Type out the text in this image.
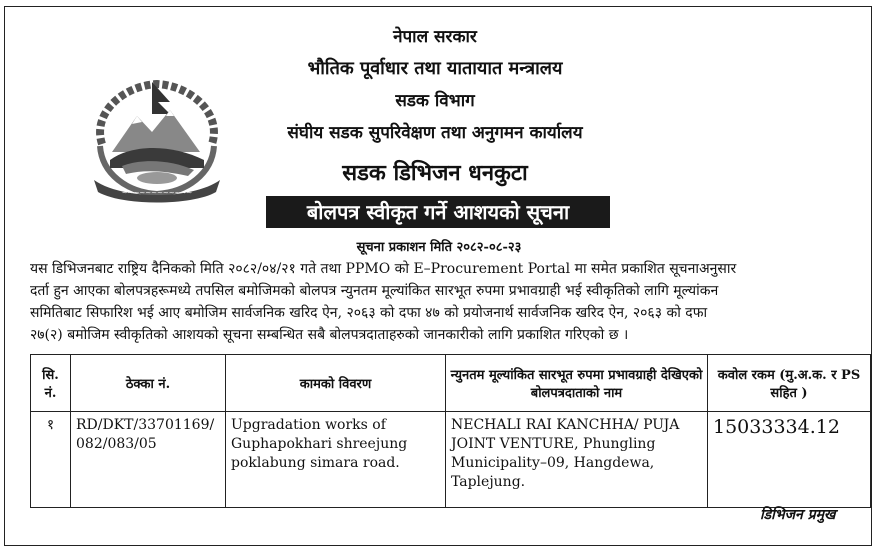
~~~~~~~~~~~~
नेपाल सरकार
भौतिक पूर्वाधार तथा यातायात मन्त्रालय
सडक विभाग
संघीय सडक सुपरिवेक्षण तथा अनुगमन कार्यालय
सडक डिभिजन धनकुटा
बोलपत्र स्वीकृत गर्ने आशयको सूचना
सूचना प्रकाशन मिति २०८२-०८-२३

यस डिभिजनबाट राष्ट्रिय दैनिकको मिति २०८२/०४/२१ गते तथा PPMO को E–Procurement Portal मा समेत प्रकाशित सूचनाअनुसार

दर्ता हुन आएका बोलपत्रहरूमध्ये तपसिल बमोजिमको बोलपत्र न्युनतम मूल्यांकित सारभूत रुपमा प्रभावग्राही भई स्वीकृतिको लागि मूल्यांकन

समितिबाट सिफारिश भई आए बमोजिम सार्वजनिक खरिद ऐन, २०६३ को दफा ४७ को प्रयोजनार्थ सार्वजनिक खरिद ऐन, २०६३ को दफा

२७(२) बमोजिम स्वीकृतिको आशयको सूचना सम्बन्धित सबै बोलपत्रदाताहरुको जानकारीको लागि प्रकाशित गरिएको छ ।

सि. नं.	ठेक्का नं.	कामको विवरण	न्युनतम मूल्यांकित सारभूत रुपमा प्रभावग्राही देखिएको बोलपत्रदाताको नाम	कवोल रकम (मु.अ.क. र PS सहित )
१	RD/DKT/33701169/ 082/083/05	Upgradation works of Guphapokhari shreejung poklabung simara road.	NECHALI RAI KANCHHA/ PUJA JOINT VENTURE, Phungling Municipality–09, Hangdewa, Taplejung.	15033334.12
डिभिजन प्रमुख
